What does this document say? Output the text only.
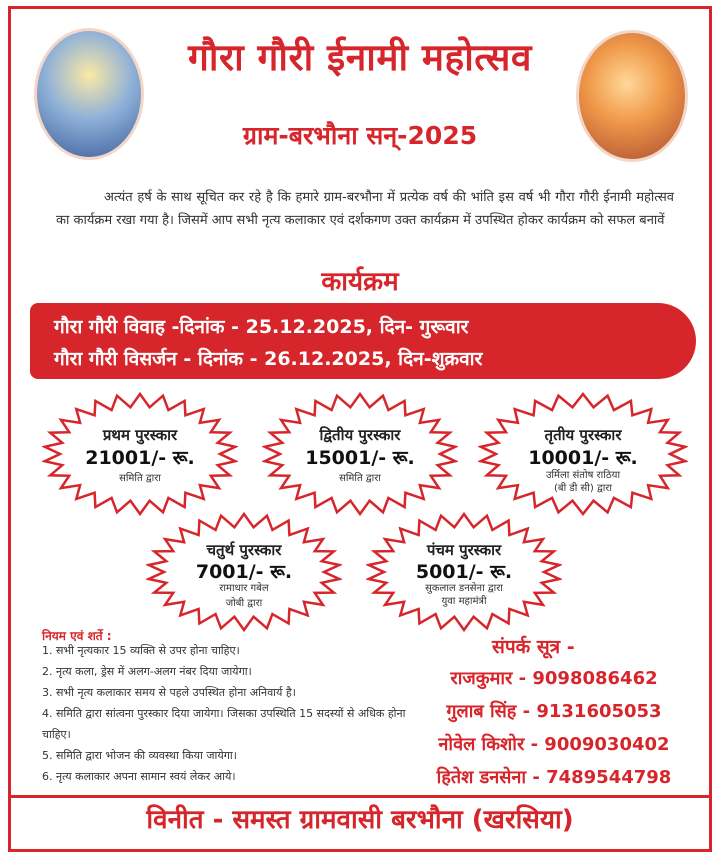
गौरा गौरी ईनामी महोत्सव
ग्राम-बरभौना सन्-2025

अत्यंत हर्ष के साथ सूचित कर रहे है कि हमारे ग्राम-बरभौना में प्रत्येक वर्ष की भांति इस वर्ष भी गौरा गौरी ईनामी महोत्सव का कार्यक्रम रखा गया है। जिसमें आप सभी नृत्य कलाकार एवं दर्शकगण उक्त कार्यक्रम में उपस्थित होकर कार्यक्रम को सफल बनावें

कार्यक्रम
गौरा गौरी विवाह -दिनांक - 25.12.2025, दिन- गुरूवार
गौरा गौरी विसर्जन - दिनांक - 26.12.2025, दिन-शुक्रवार
प्रथम पुरस्कार
21001/- रू.
समिति द्वारा
द्वितीय पुरस्कार
15001/- रू.
समिति द्वारा
तृतीय पुरस्कार
10001/- रू.
उर्मिला संतोष राठिया
(बी डी सी) द्वारा
चतुर्थ पुरस्कार
7001/- रू.
रामाधार गबेल
जोबी द्वारा
पंचम पुरस्कार
5001/- रू.
सुकलाल डनसेना द्वारा
युवा महामंत्री
नियम एवं शर्ते :
1. सभी नृत्यकार 15 व्यक्ति से उपर होना चाहिए।
2. नृत्य कला, ड्रेस में अलग-अलग नंबर दिया जायेगा।
3. सभी नृत्य कलाकार समय से पहले उपस्थित होना अनिवार्य है।
4. समिति द्वारा सांत्वना पुरस्कार दिया जायेगा। जिसका उपस्थिति 15 सदस्यों से अधिक होना चाहिए।
5. समिति द्वारा भोजन की व्यवस्था किया जायेगा।
6. नृत्य कलाकार अपना सामान स्वयं लेकर आये।
संपर्क सूत्र -
राजकुमार - 9098086462
गुलाब सिंह - 9131605053
नोवेल किशोर - 9009030402
हितेश डनसेना - 7489544798
विनीत - समस्त ग्रामवासी बरभौना (खरसिया)
